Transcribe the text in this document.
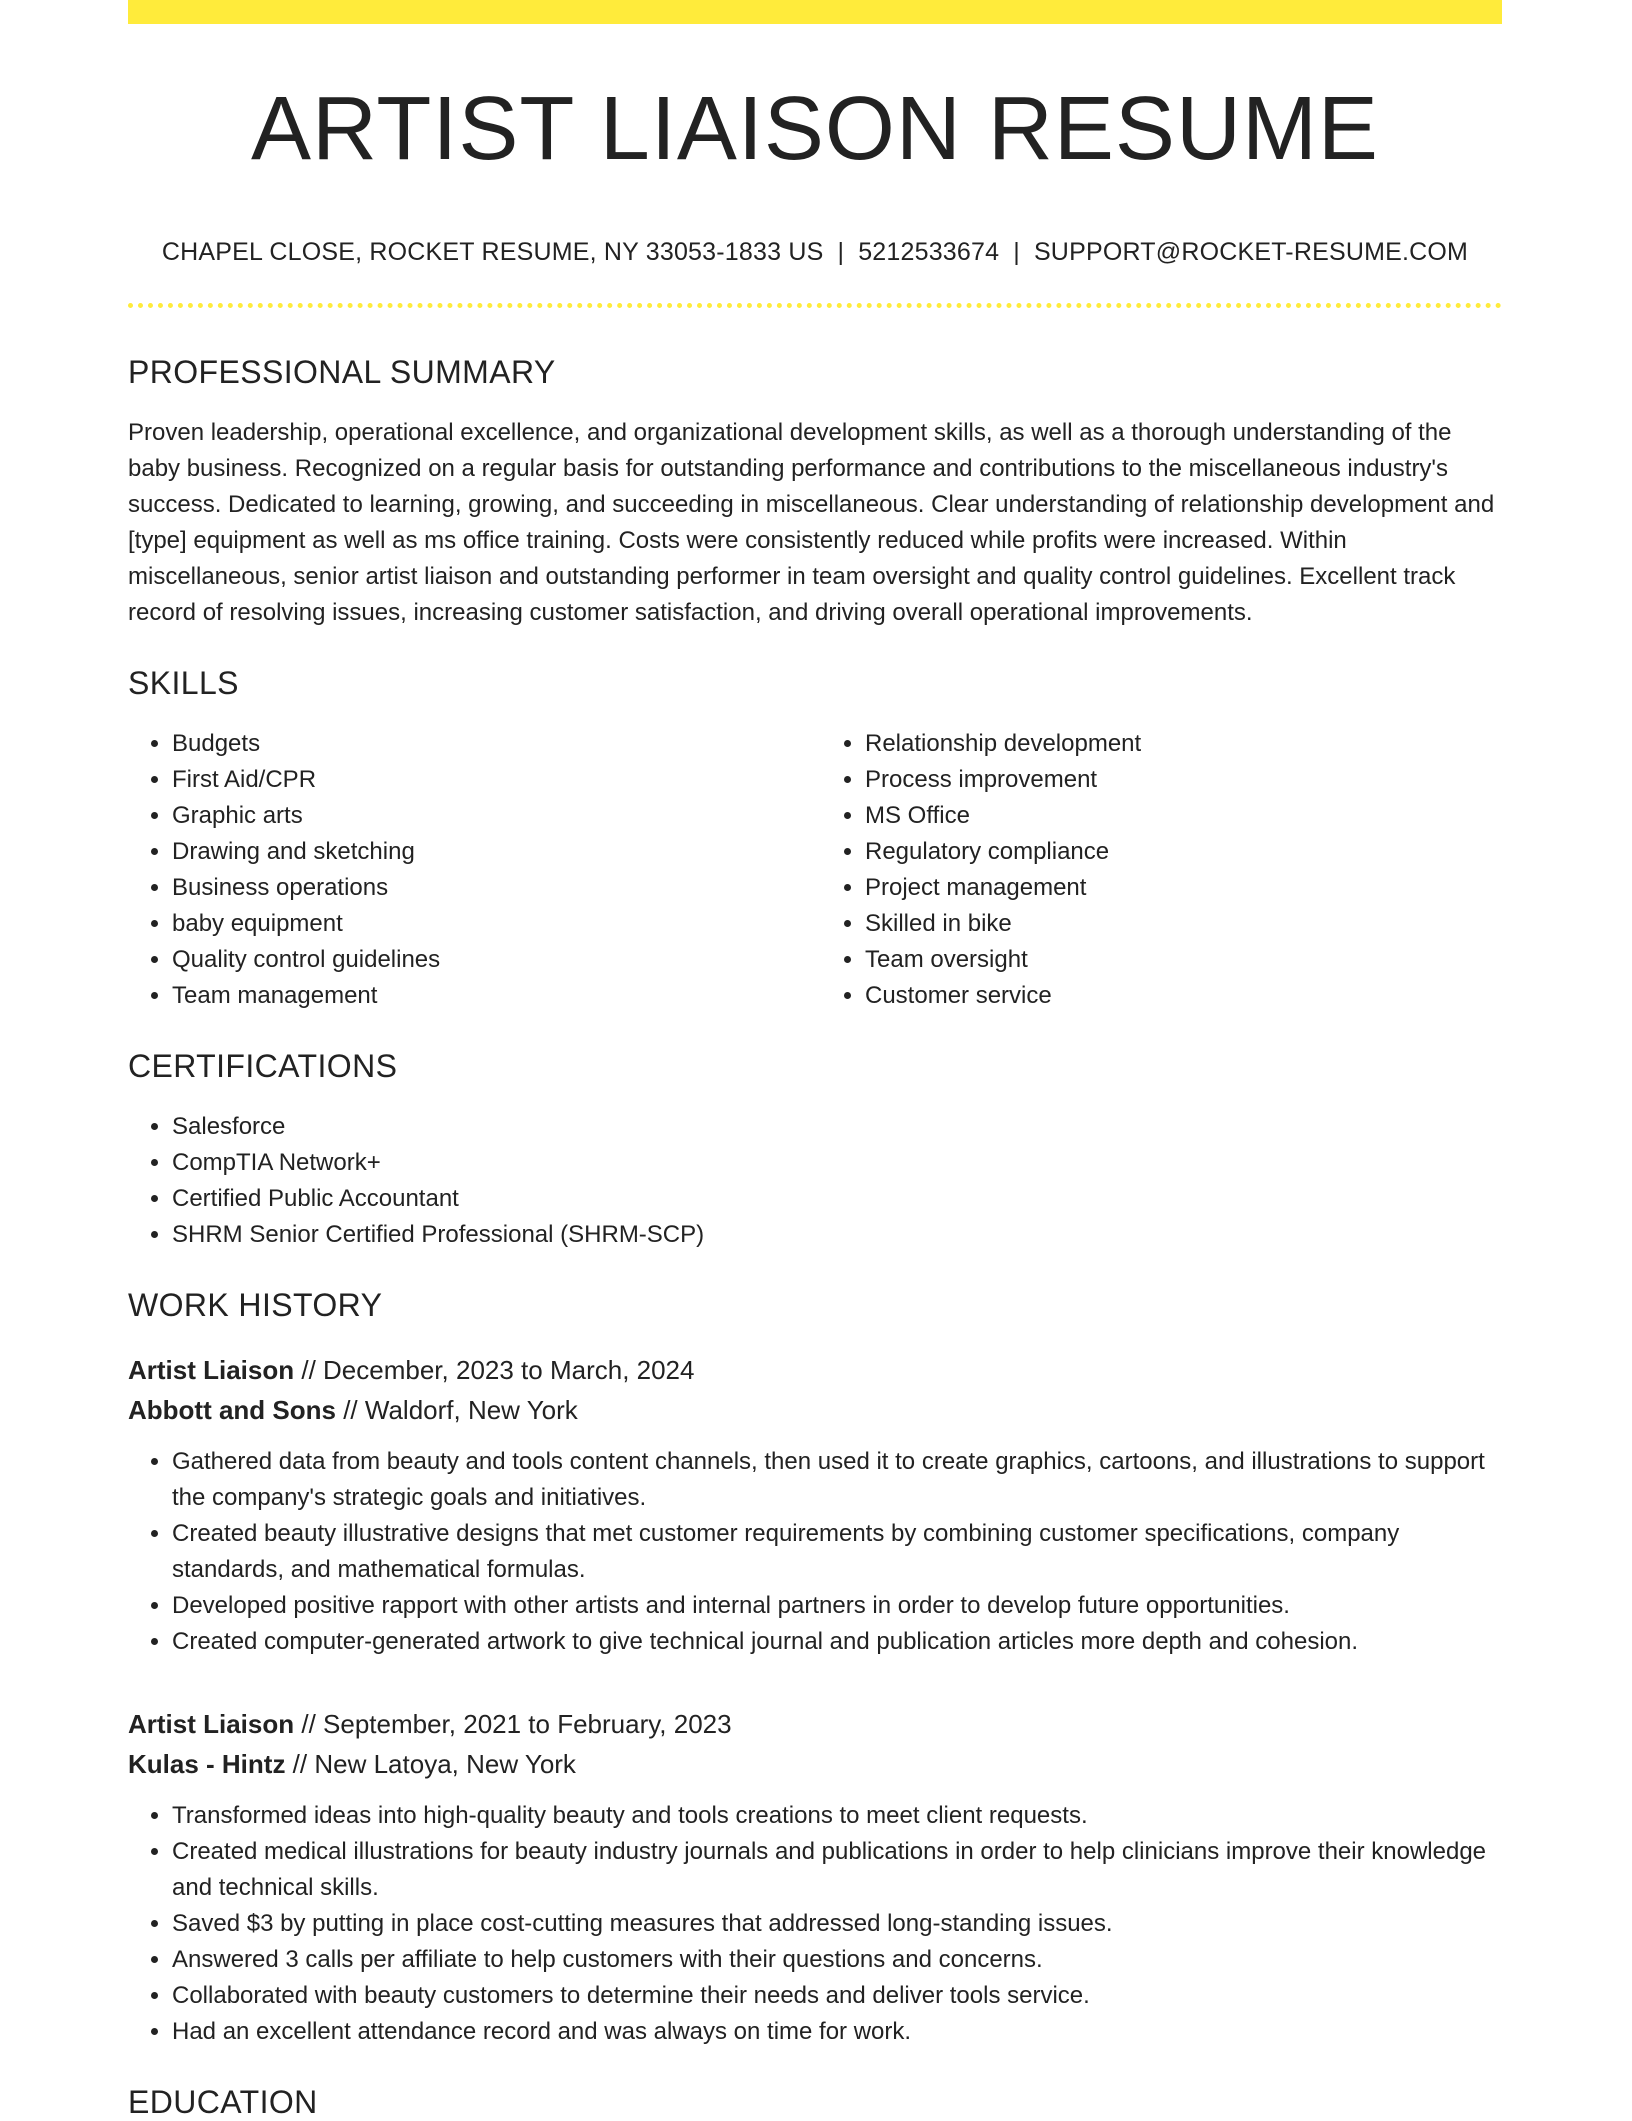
ARTIST LIAISON RESUME
CHAPEL CLOSE, ROCKET RESUME, NY 33053-1833 US | 5212533674 | SUPPORT@ROCKET-RESUME.COM
PROFESSIONAL SUMMARY
Proven leadership, operational excellence, and organizational development skills, as well as a thorough understanding of the baby business. Recognized on a regular basis for outstanding performance and contributions to the miscellaneous industry's success. Dedicated to learning, growing, and succeeding in miscellaneous. Clear understanding of relationship development and [type] equipment as well as ms office training. Costs were consistently reduced while profits were increased. Within miscellaneous, senior artist liaison and outstanding performer in team oversight and quality control guidelines. Excellent track record of resolving issues, increasing customer satisfaction, and driving overall operational improvements.
SKILLS
• Budgets
• First Aid/CPR
• Graphic arts
• Drawing and sketching
• Business operations
• baby equipment
• Quality control guidelines
• Team management
• Relationship development
• Process improvement
• MS Office
• Regulatory compliance
• Project management
• Skilled in bike
• Team oversight
• Customer service
CERTIFICATIONS
• Salesforce
• CompTIA Network+
• Certified Public Accountant
• SHRM Senior Certified Professional (SHRM-SCP)
WORK HISTORY
Artist Liaison // December, 2023 to March, 2024
Abbott and Sons // Waldorf, New York
• Gathered data from beauty and tools content channels, then used it to create graphics, cartoons, and illustrations to support the company's strategic goals and initiatives.
• Created beauty illustrative designs that met customer requirements by combining customer specifications, company standards, and mathematical formulas.
• Developed positive rapport with other artists and internal partners in order to develop future opportunities.
• Created computer-generated artwork to give technical journal and publication articles more depth and cohesion.
Artist Liaison // September, 2021 to February, 2023
Kulas - Hintz // New Latoya, New York
• Transformed ideas into high-quality beauty and tools creations to meet client requests.
• Created medical illustrations for beauty industry journals and publications in order to help clinicians improve their knowledge and technical skills.
• Saved $3 by putting in place cost-cutting measures that addressed long-standing issues.
• Answered 3 calls per affiliate to help customers with their questions and concerns.
• Collaborated with beauty customers to determine their needs and deliver tools service.
• Had an excellent attendance record and was always on time for work.
EDUCATION
